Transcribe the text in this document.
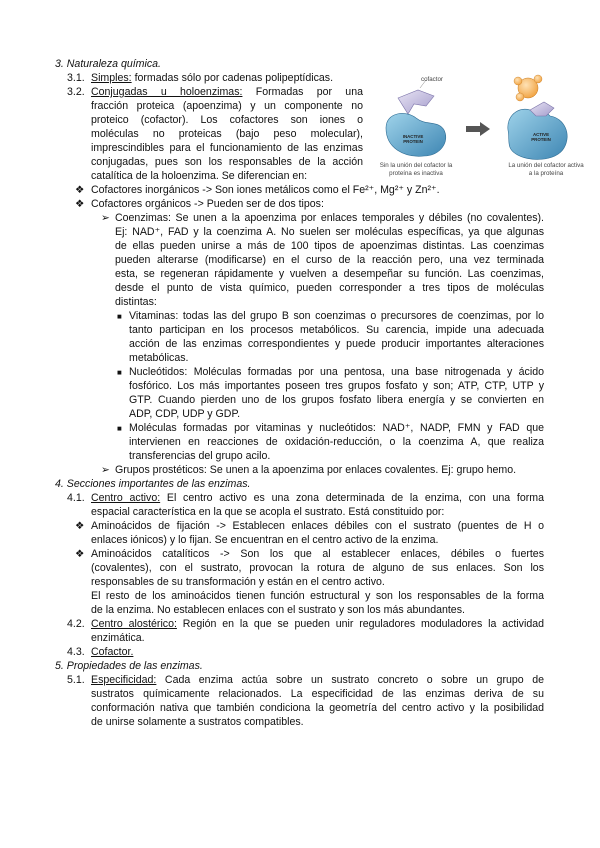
3. Naturaleza química.
3.1. Simples: formadas sólo por cadenas polipeptídicas.
3.2. Conjugadas u holoenzimas: Formadas por una
fracción proteica (apoenzima) y un componente no
proteico (cofactor). Los cofactores son iones o
moléculas no proteicas (bajo peso molecular),
imprescindibles para el funcionamiento de las enzimas
conjugadas, pues son los responsables de la acción
catalítica de la holoenzima. Se diferencian en:
cofactor
INACTIVE PROTEIN
ACTIVE PROTEIN
Sin la unión del cofactor la proteína es inactiva
La unión del cofactor activa a la proteína
❖ Cofactores inorgánicos -> Son iones metálicos como el Fe²⁺, Mg²⁺ y Zn²⁺.
❖ Cofactores orgánicos -> Pueden ser de dos tipos:
➢ Coenzimas: Se unen a la apoenzima por enlaces temporales y débiles (no covalentes).
Ej: NAD⁺, FAD y la coenzima A. No suelen ser moléculas específicas, ya que algunas
de ellas pueden unirse a más de 100 tipos de apoenzimas distintas. Las coenzimas
pueden alterarse (modificarse) en el curso de la reacción pero, una vez terminada
esta, se regeneran rápidamente y vuelven a desempeñar su función. Las coenzimas,
desde el punto de vista químico, pueden corresponder a tres tipos de moléculas
distintas:
■ Vitaminas: todas las del grupo B son coenzimas o precursores de coenzimas, por lo
tanto participan en los procesos metabólicos. Su carencia, impide una adecuada
acción de las enzimas correspondientes y puede producir importantes alteraciones
metabólicas.
■ Nucleótidos: Moléculas formadas por una pentosa, una base nitrogenada y ácido
fosfórico. Los más importantes poseen tres grupos fosfato y son; ATP, CTP, UTP y
GTP. Cuando pierden uno de los grupos fosfato libera energía y se convierten en
ADP, CDP, UDP y GDP.
■ Moléculas formadas por vitaminas y nucleótidos: NAD⁺, NADP, FMN y FAD que
intervienen en reacciones de oxidación-reducción, o la coenzima A, que realiza
transferencias del grupo acilo.
➢ Grupos prostéticos: Se unen a la apoenzima por enlaces covalentes. Ej: grupo hemo.
4. Secciones importantes de las enzimas.
4.1. Centro activo: El centro activo es una zona determinada de la enzima, con una forma
espacial característica en la que se acopla el sustrato. Está constituido por:
❖ Aminoácidos de fijación -> Establecen enlaces débiles con el sustrato (puentes de H o
enlaces iónicos) y lo fijan. Se encuentran en el centro activo de la enzima.
❖ Aminoácidos catalíticos -> Son los que al establecer enlaces, débiles o fuertes
(covalentes), con el sustrato, provocan la rotura de alguno de sus enlaces. Son los
responsables de su transformación y están en el centro activo.
El resto de los aminoácidos tienen función estructural y son los responsables de la forma
de la enzima. No establecen enlaces con el sustrato y son los más abundantes.
4.2. Centro alostérico: Región en la que se pueden unir reguladores moduladores la actividad
enzimática.
4.3. Cofactor.
5. Propiedades de las enzimas.
5.1. Especificidad: Cada enzima actúa sobre un sustrato concreto o sobre un grupo de
sustratos químicamente relacionados. La especificidad de las enzimas deriva de su
conformación nativa que también condiciona la geometría del centro activo y la posibilidad
de unirse solamente a sustratos compatibles.
